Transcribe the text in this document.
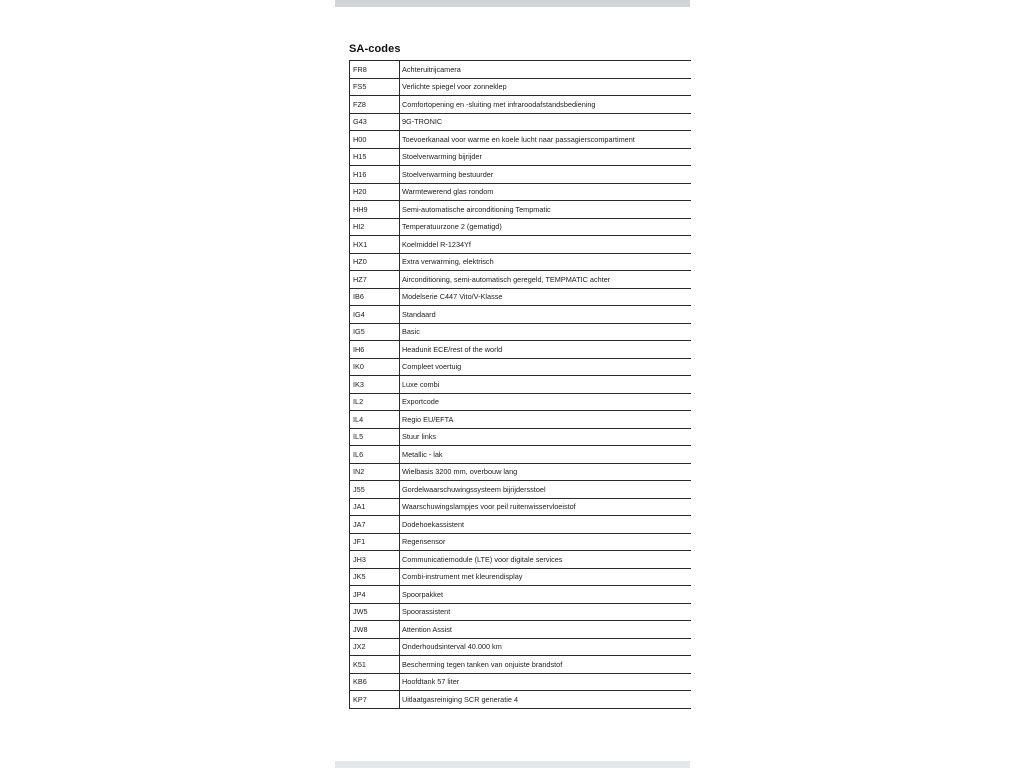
SA-codes
FR8	Achteruitrijcamera
FS5	Verlichte spiegel voor zonneklep
FZ8	Comfortopening en -sluiting met infraroodafstandsbediening
G43	9G-TRONIC
H00	Toevoerkanaal voor warme en koele lucht naar passagierscompartiment
H15	Stoelverwarming bijrijder
H16	Stoelverwarming bestuurder
H20	Warmtewerend glas rondom
HH9	Semi-automatische airconditioning Tempmatic
HI2	Temperatuurzone 2 (gematigd)
HX1	Koelmiddel R-1234Yf
HZ0	Extra verwarming, elektrisch
HZ7	Airconditioning, semi-automatisch geregeld, TEMPMATIC achter
IB6	Modelserie C447 Vito/V-Klasse
IG4	Standaard
IG5	Basic
IH6	Headunit ECE/rest of the world
IK0	Compleet voertuig
IK3	Luxe combi
IL2	Exportcode
IL4	Regio EU/EFTA
IL5	Stuur links
IL6	Metallic - lak
IN2	Wielbasis 3200 mm, overbouw lang
J55	Gordelwaarschuwingssysteem bijrijdersstoel
JA1	Waarschuwingslampjes voor peil ruitenwisservloeistof
JA7	Dodehoekassistent
JF1	Regensensor
JH3	Communicatiemodule (LTE) voor digitale services
JK5	Combi-instrument met kleurendisplay
JP4	Spoorpakket
JW5	Spoorassistent
JW8	Attention Assist
JX2	Onderhoudsinterval 40.000 km
K51	Bescherming tegen tanken van onjuiste brandstof
KB6	Hoofdtank 57 liter
KP7	Uitlaatgasreiniging SCR generatie 4
